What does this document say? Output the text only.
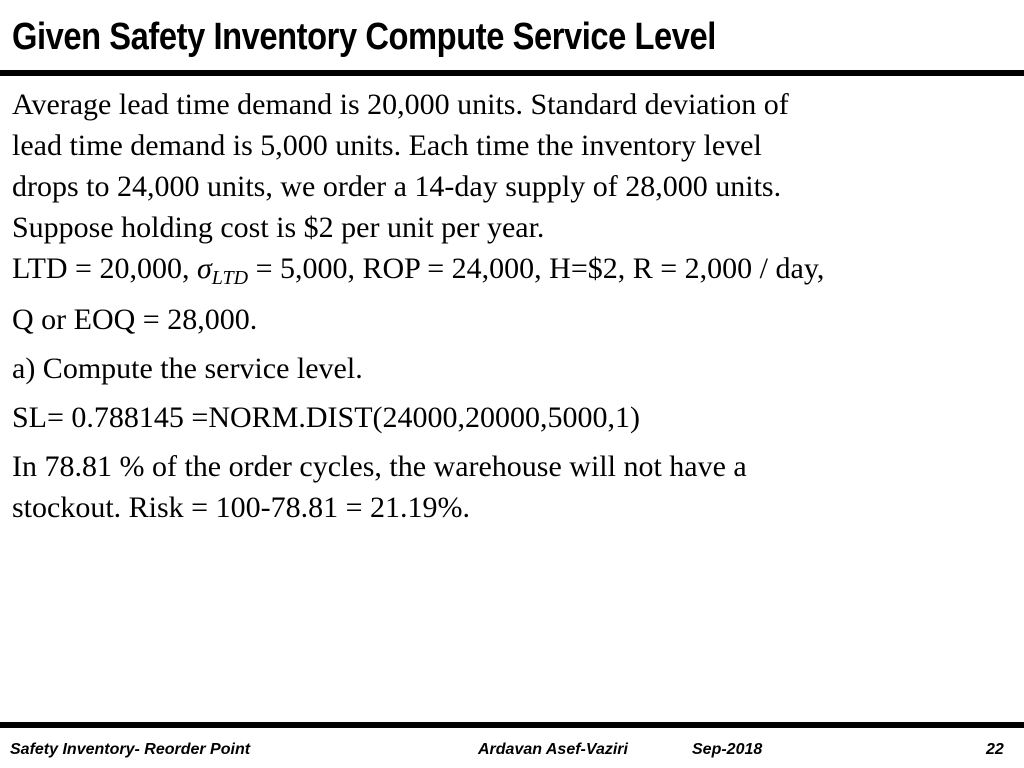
Given Safety Inventory Compute Service Level

Average lead time demand is 20,000 units. Standard deviation of

lead time demand is 5,000 units. Each time the inventory level

drops to 24,000 units, we order a 14-day supply of 28,000 units.

Suppose holding cost is $2 per unit per year.

LTD = 20,000, $\sigma_{LTD} = 5,000$, ROP = 24,000, H=$2, R = 2,000 / day,

Q or EOQ = 28,000.

a) Compute the service level.

SL= 0.788145 =NORM.DIST(24000,20000,5000,1)

In 78.81 % of the order cycles, the warehouse will not have a

stockout. Risk = 100-78.81 = 21.19%.

Safety Inventory- Reorder Point	Ardavan Asef-Vaziri	Sep-2018	22
